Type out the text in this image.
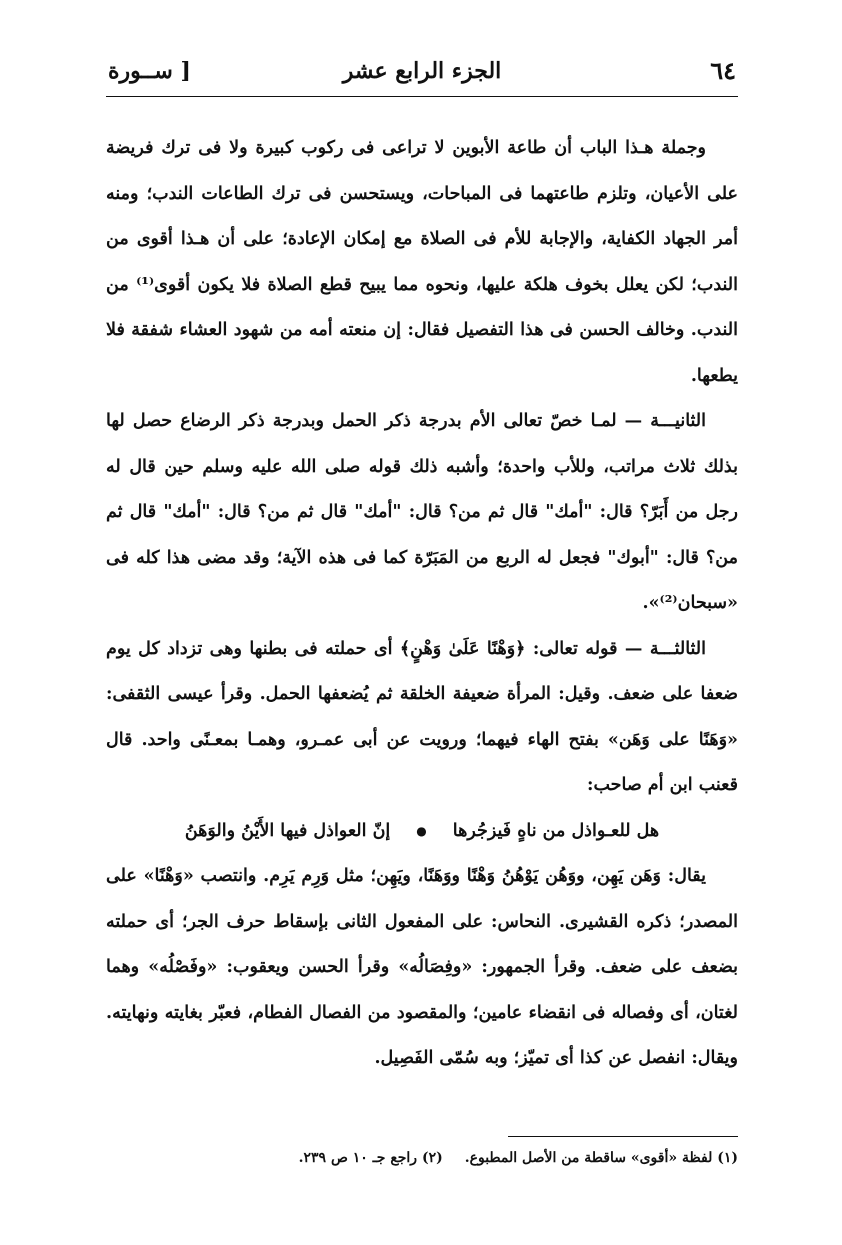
٦٤
الجزء الرابع عشر
[ ســورة

وجملة هـذا الباب أن طاعة الأبوين لا تراعى فى ركوب كبيرة ولا فى ترك فريضة على الأعيان، وتلزم طاعتهما فى المباحات، ويستحسن فى ترك الطاعات الندب؛ ومنه أمر الجهاد الكفاية، والإجابة للأم فى الصلاة مع إمكان الإعادة؛ على أن هـذا أقوى من الندب؛ لكن يعلل بخوف هلكة عليها، ونحوه مما يبيح قطع الصلاة فلا يكون أقوى⁽¹⁾ من الندب. وخالف الحسن فى هذا التفصيل فقال: إن منعته أمه من شهود العشاء شفقة فلا يطعها.

الثانيـــة — لمـا خصّ تعالى الأم بدرجة ذكر الحمل وبدرجة ذكر الرضاع حصل لها بذلك ثلاث مراتب، وللأب واحدة؛ وأشبه ذلك قوله صلى الله عليه وسلم حين قال له رجل من أَبَرّ؟ قال: "أمك" قال ثم من؟ قال: "أمك" قال ثم من؟ قال: "أمك" قال ثم من؟ قال: "أبوك" فجعل له الربع من المَبَرّة كما فى هذه الآية؛ وقد مضى هذا كله فى «سبحان⁽²⁾».

الثالثـــة — قوله تعالى: ﴿وَهْنًا عَلَىٰ وَهْنٍ﴾ أى حملته فى بطنها وهى تزداد كل يوم ضعفا على ضعف. وقيل: المرأة ضعيفة الخلقة ثم يُضعفها الحمل. وقرأ عيسى الثقفى: «وَهَنًا على وَهَن» بفتح الهاء فيهما؛ ورويت عن أبى عمـرو، وهمـا بمعـنًى واحد. قال قعنب ابن أم صاحب:

هل للعـواذل من ناهٍ فَيزجُرها
●
إنّ العواذل فيها الأَيْنُ والوَهَنُ

يقال: وَهَن يَهِن، ووَهُن يَوْهُنُ وَهْنًا ووَهَنًا، ويَهِن؛ مثل وَرِم يَرِم. وانتصب «وَهْنًا» على المصدر؛ ذكره القشيرى. النحاس: على المفعول الثانى بإسقاط حرف الجر؛ أى حملته بضعف على ضعف. وقرأ الجمهور: «وفِصَالُه» وقرأ الحسن ويعقوب: «وفَصْلُه» وهما لغتان، أى وفصاله فى انقضاء عامين؛ والمقصود من الفصال الفطام، فعبّر بغايته ونهايته. ويقال: انفصل عن كذا أى تميّز؛ وبه سُمّى الفَصِيل.

(١) لفظة «أقوى» ساقطة من الأصل المطبوع.
(٢) راجع جـ ١٠ ص ٢٣٩.
